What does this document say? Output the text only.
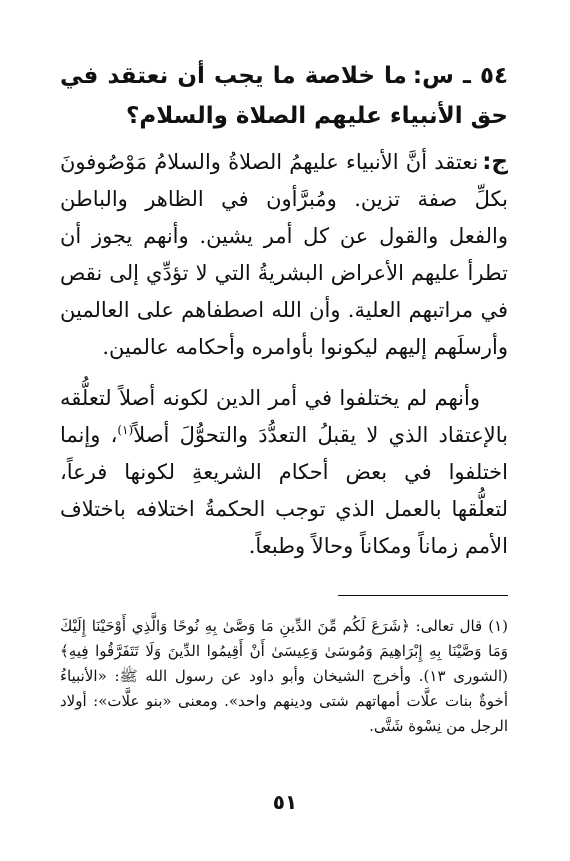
٥٤ ـ س:ما خلاصة ما يجب أن نعتقد في حق الأنبياء عليهم الصلاة والسلام؟

ج:نعتقد أنَّ الأنبياء عليهمُ الصلاةُ والسلامُ مَوْصُوفونَ بكلِّ صفة تزين. ومُبرَّأون في الظاهر والباطن والفعل والقول عن كل أمر يشين. وأنهم يجوز أن تطرأ عليهم الأعراض البشريةُ التي لا تؤدِّي إلى نقص في مراتبهم العلية. وأن الله اصطفاهم على العالمين وأرسلَهم إليهم ليكونوا بأوامره وأحكامه عالمين.

وأنهم لم يختلفوا في أمر الدين لكونه أصلاً لتعلُّقه بالإعتقاد الذي لا يقبلُ التعدُّدَ والتحوُّلَ أصلاً$^{(١)}$، وإنما اختلفوا في بعض أحكام الشريعةِ لكونها فرعاً، لتعلُّقها بالعمل الذي توجب الحكمةُ اختلافه باختلاف الأمم زماناً ومكاناً وحالاً وطبعاً.

(١)قال تعالى: ﴿شَرَعَ لَكُم مِّنَ الدِّينِ مَا وَصَّىٰ بِهِ نُوحًا وَالَّذِي أَوْحَيْنَا إِلَيْكَ وَمَا وَصَّيْنَا بِهِ إِبْرَاهِيمَ وَمُوسَىٰ وَعِيسَىٰ أَنْ أَقِيمُوا الدِّينَ وَلَا تَتَفَرَّقُوا فِيهِ﴾ (الشورى ١٣). وأخرج الشيخان وأبو داود عن رسول الله ﷺ: «الأنبياءُ أخوةٌ بنات علَّات أمهاتهم شتى ودينهم واحد». ومعنى «بنو علَّات»: أولاد الرجل من نِسْوة شَتَّى.

٥١
